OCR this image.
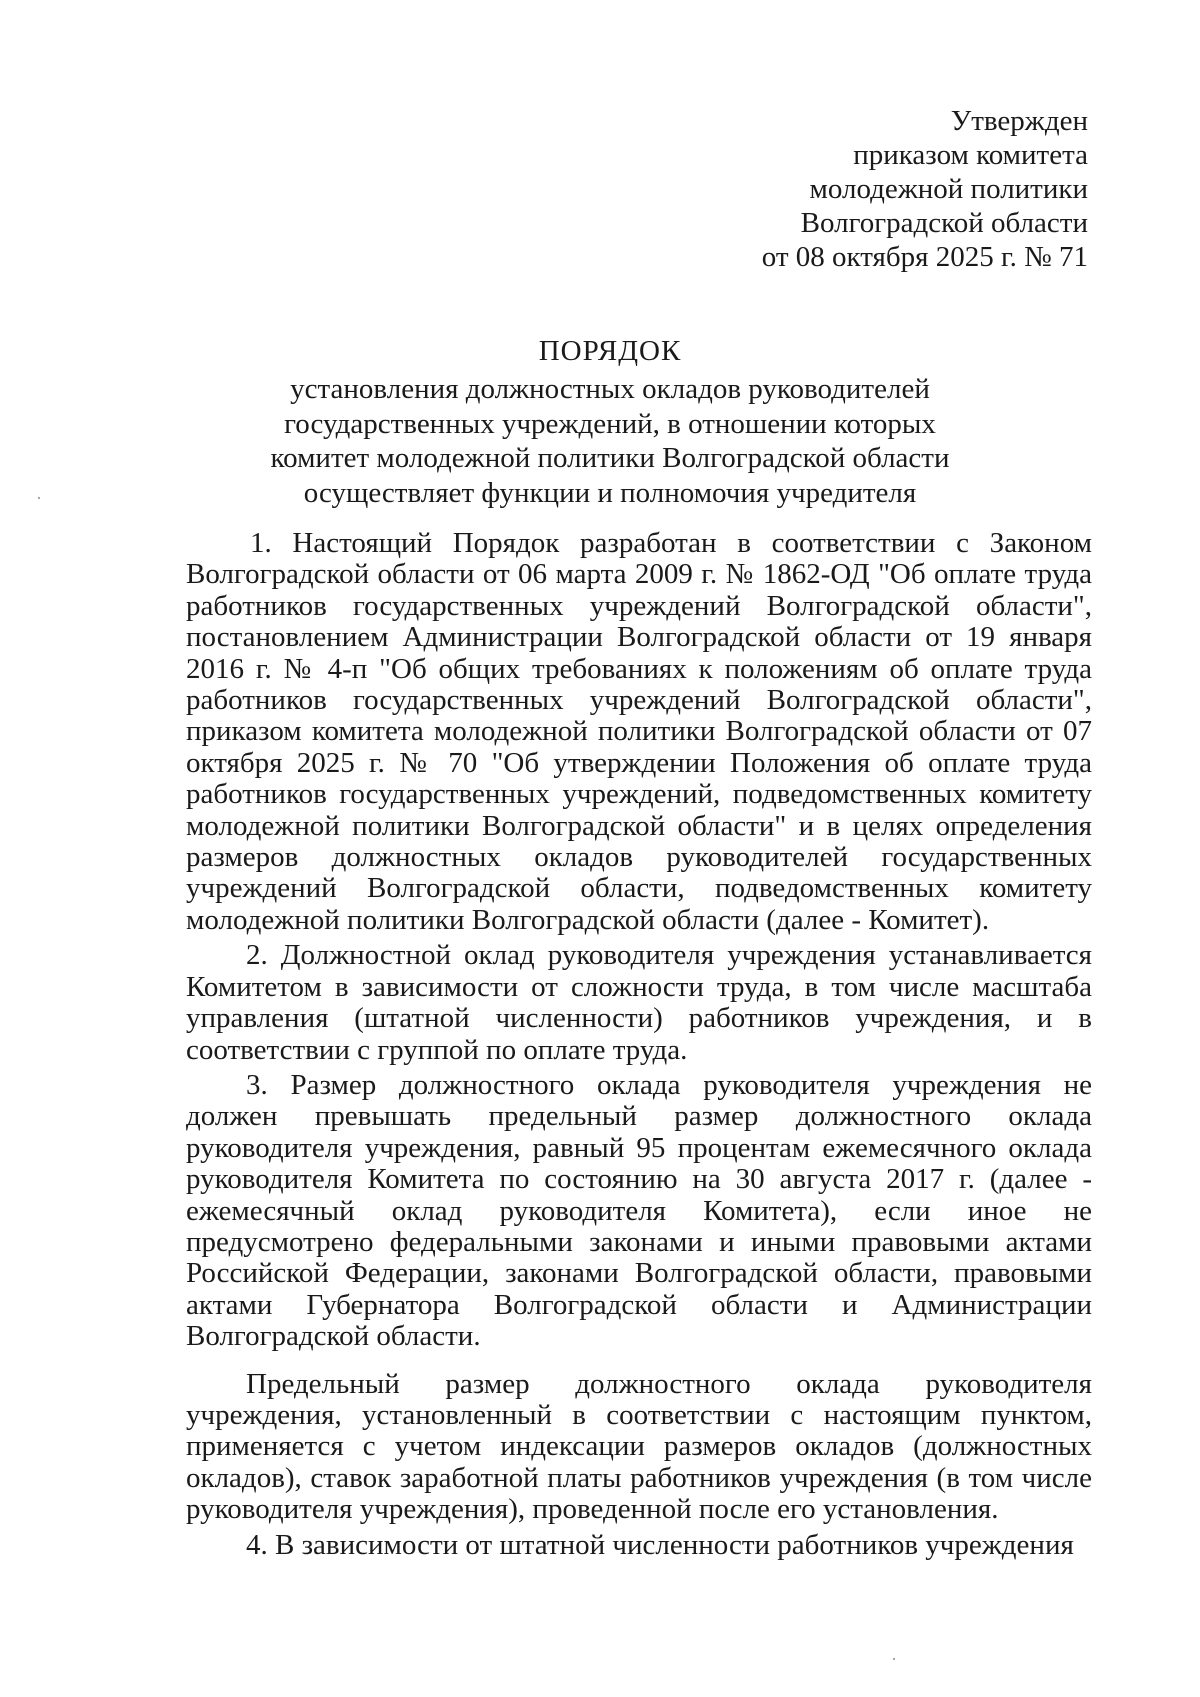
Утвержден
приказом комитета
молодежной политики
Волгоградской области
от 08 октября 2025 г. № 71
ПОРЯДОК
установления должностных окладов руководителей
государственных учреждений, в отношении которых
комитет молодежной политики Волгоградской области
осуществляет функции и полномочия учредителя

1. Настоящий Порядок разработан в соответствии с Законом Волгоградской области от 06 марта 2009 г. № 1862-ОД "Об оплате труда работников государственных учреждений Волгоградской области", постановлением Администрации Волгоградской области от 19 января 2016 г. № 4-п "Об общих требованиях к положениям об оплате труда работников государственных учреждений Волгоградской области", приказом комитета молодежной политики Волгоградской области от 07 октября 2025 г. № 70 "Об утверждении Положения об оплате труда работников государственных учреждений, подведомственных комитету молодежной политики Волгоградской области" и в целях определения размеров должностных окладов руководителей государственных учреждений Волгоградской области, подведомственных комитету молодежной политики Волгоградской области (далее - Комитет).

2. Должностной оклад руководителя учреждения устанавливается Комитетом в зависимости от сложности труда, в том числе масштаба управления (штатной численности) работников учреждения, и в соответствии с группой по оплате труда.

3. Размер должностного оклада руководителя учреждения не должен превышать предельный размер должностного оклада руководителя учреждения, равный 95 процентам ежемесячного оклада руководителя Комитета по состоянию на 30 августа 2017 г. (далее - ежемесячный оклад руководителя Комитета), если иное не предусмотрено федеральными законами и иными правовыми актами Российской Федерации, законами Волгоградской области, правовыми актами Губернатора Волгоградской области и Администрации Волгоградской области.

Предельный размер должностного оклада руководителя учреждения, установленный в соответствии с настоящим пунктом, применяется с учетом индексации размеров окладов (должностных окладов), ставок заработной платы работников учреждения (в том числе руководителя учреждения), проведенной после его установления.

4. В зависимости от штатной численности работников учреждения
